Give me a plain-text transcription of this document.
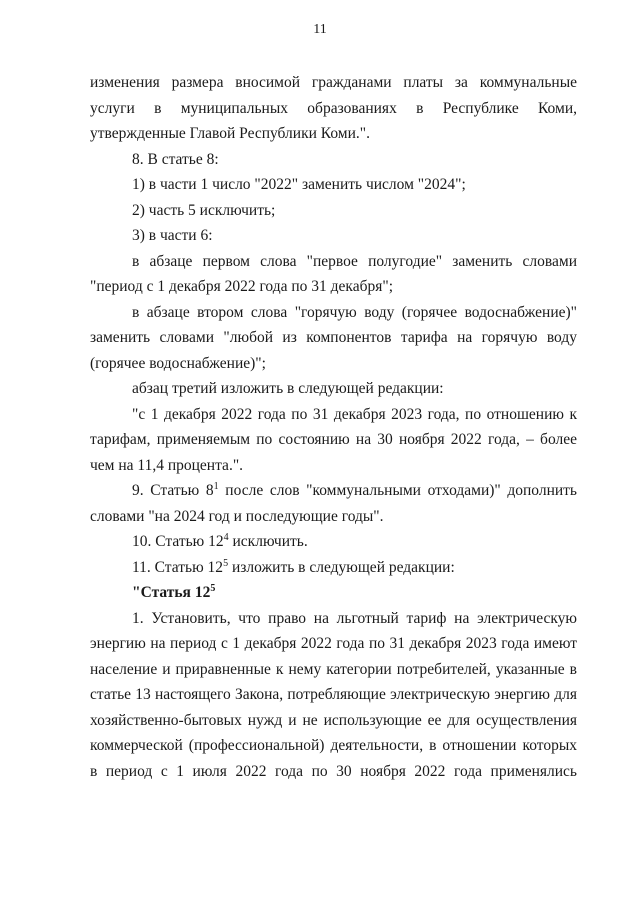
11

изменения размера вносимой гражданами платы за коммунальные услуги в муниципальных образованиях в Республике Коми, утвержденные Главой Республики Коми.".

8. В статье 8:

1) в части 1 число "2022" заменить числом "2024";

2) часть 5 исключить;

3) в части 6:

в абзаце первом слова "первое полугодие" заменить словами "период с 1 декабря 2022 года по 31 декабря";

в абзаце втором слова "горячую воду (горячее водоснабжение)" заменить словами "любой из компонентов тарифа на горячую воду (горячее водоснабжение)";

абзац третий изложить в следующей редакции:

"с 1 декабря 2022 года по 31 декабря 2023 года, по отношению к тарифам, применяемым по состоянию на 30 ноября 2022 года, – более чем на 11,4 процента.".

9. Статью $8^1$ после слов "коммунальными отходами)" дополнить словами "на 2024 год и последующие годы".

10. Статью $12^4$ исключить.

11. Статью $12^5$ изложить в следующей редакции:

"Статья $12^5$

1. Установить, что право на льготный тариф на электрическую энергию на период с 1 декабря 2022 года по 31 декабря 2023 года имеют население и приравненные к нему категории потребителей, указанные в статье 13 настоящего Закона, потребляющие электрическую энергию для хозяйственно-бытовых нужд и не использующие ее для осуществления коммерческой (профессиональной) деятельности, в отношении которых в период с 1 июля 2022 года по 30 ноября 2022 года применялись
